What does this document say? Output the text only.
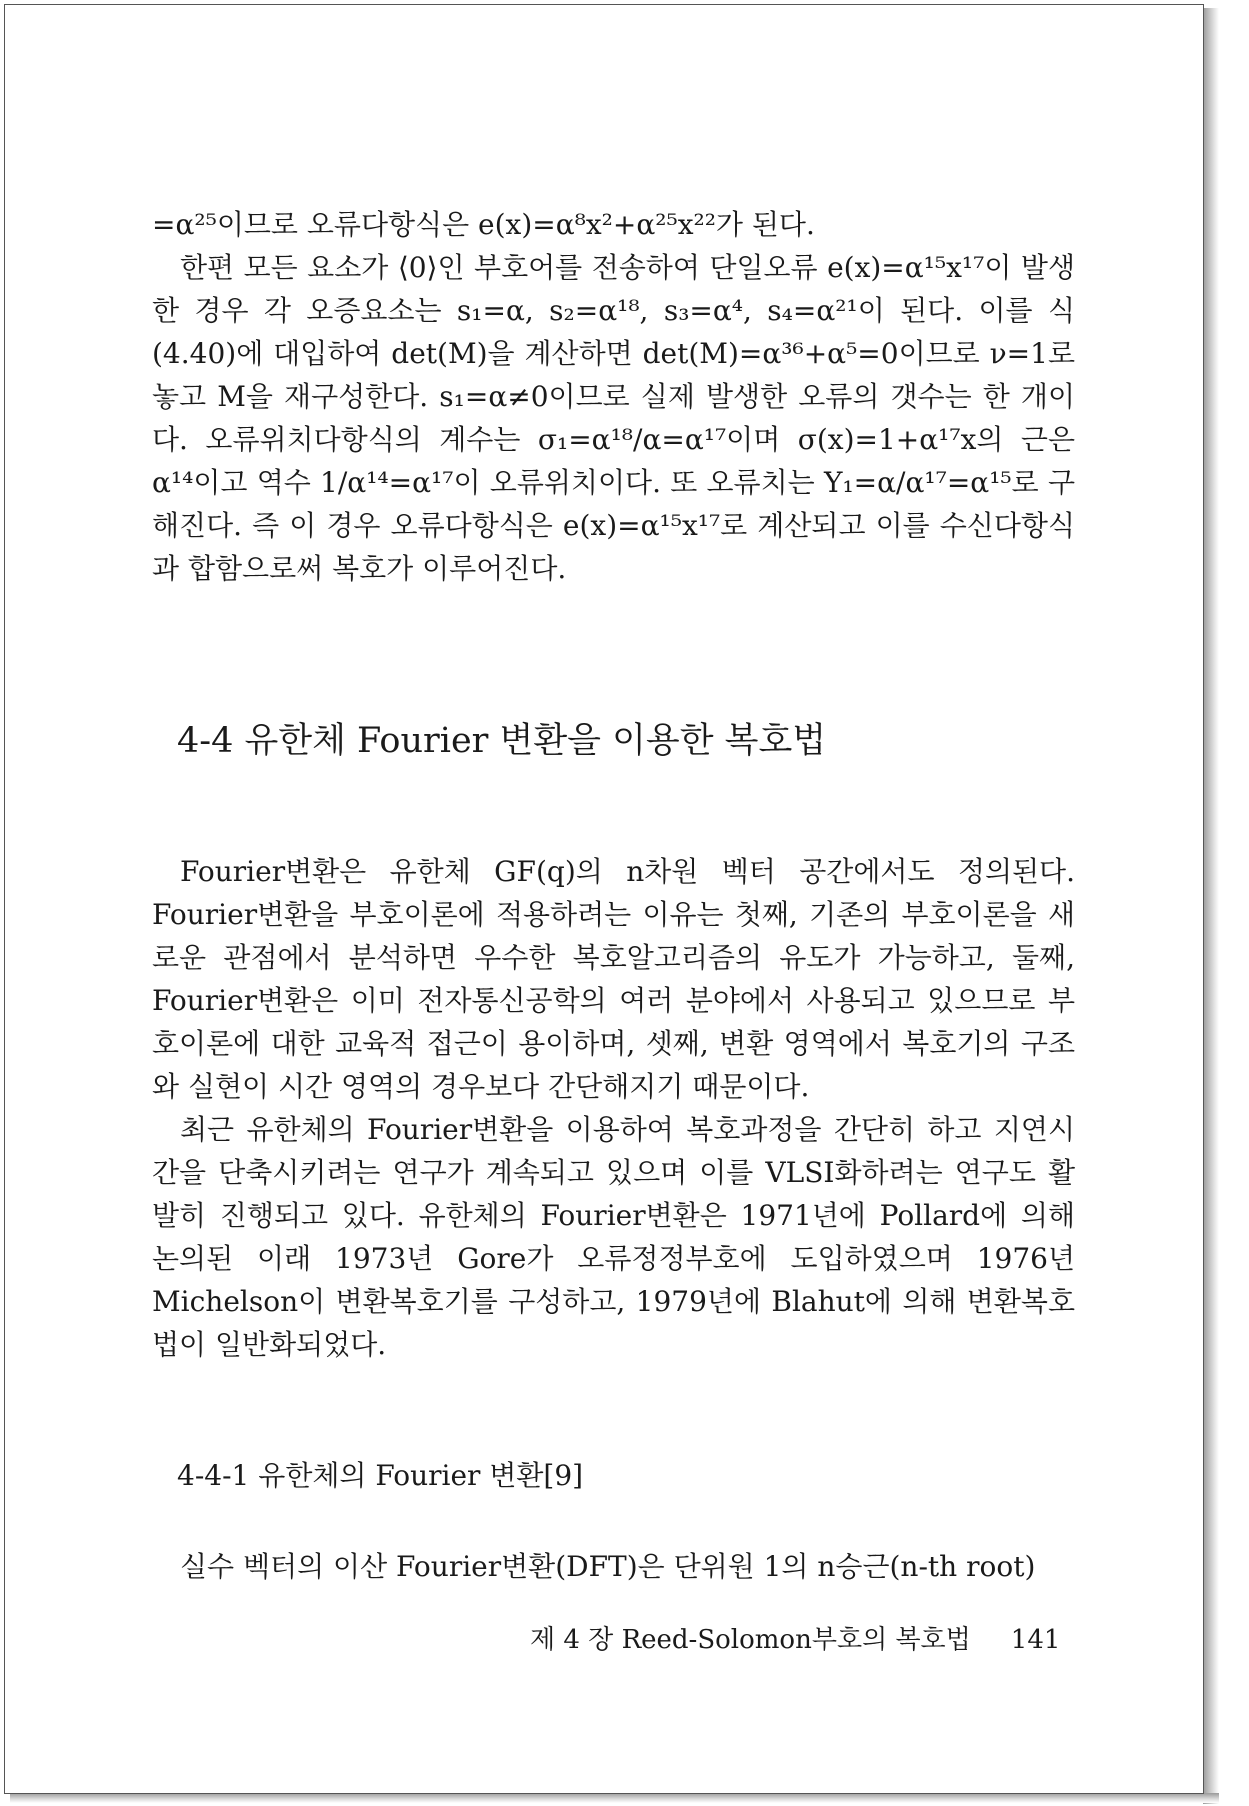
=α²⁵이므로 오류다항식은 e(x)=α⁸x²+α²⁵x²²가 된다.

한편 모든 요소가 ⟨0⟩인 부호어를 전송하여 단일오류 e(x)=α¹⁵x¹⁷이 발생한 경우 각 오증요소는 s₁=α, s₂=α¹⁸, s₃=α⁴, s₄=α²¹이 된다. 이를 식 (4.40)에 대입하여 det(M)을 계산하면 det(M)=α³⁶+α⁵=0이므로 ν=1로 놓고 M을 재구성한다. s₁=α≠0이므로 실제 발생한 오류의 갯수는 한 개이다. 오류위치다항식의 계수는 σ₁=α¹⁸/α=α¹⁷이며 σ(x)=1+α¹⁷x의 근은 α¹⁴이고 역수 1/α¹⁴=α¹⁷이 오류위치이다. 또 오류치는 Y₁=α/α¹⁷=α¹⁵로 구해진다. 즉 이 경우 오류다항식은 e(x)=α¹⁵x¹⁷로 계산되고 이를 수신다항식과 합함으로써 복호가 이루어진다.

4-4 유한체 Fourier 변환을 이용한 복호법

Fourier변환은 유한체 GF(q)의 n차원 벡터 공간에서도 정의된다. Fourier변환을 부호이론에 적용하려는 이유는 첫째, 기존의 부호이론을 새로운 관점에서 분석하면 우수한 복호알고리즘의 유도가 가능하고, 둘째, Fourier변환은 이미 전자통신공학의 여러 분야에서 사용되고 있으므로 부호이론에 대한 교육적 접근이 용이하며, 셋째, 변환 영역에서 복호기의 구조와 실현이 시간 영역의 경우보다 간단해지기 때문이다.

최근 유한체의 Fourier변환을 이용하여 복호과정을 간단히 하고 지연시간을 단축시키려는 연구가 계속되고 있으며 이를 VLSI화하려는 연구도 활발히 진행되고 있다. 유한체의 Fourier변환은 1971년에 Pollard에 의해 논의된 이래 1973년 Gore가 오류정정부호에 도입하였으며 1976년 Michelson이 변환복호기를 구성하고, 1979년에 Blahut에 의해 변환복호법이 일반화되었다.

4-4-1 유한체의 Fourier 변환[9]

실수 벡터의 이산 Fourier변환(DFT)은 단위원 1의 n승근(n-th root)

제 4 장 Reed-Solomon부호의 복호법 141
